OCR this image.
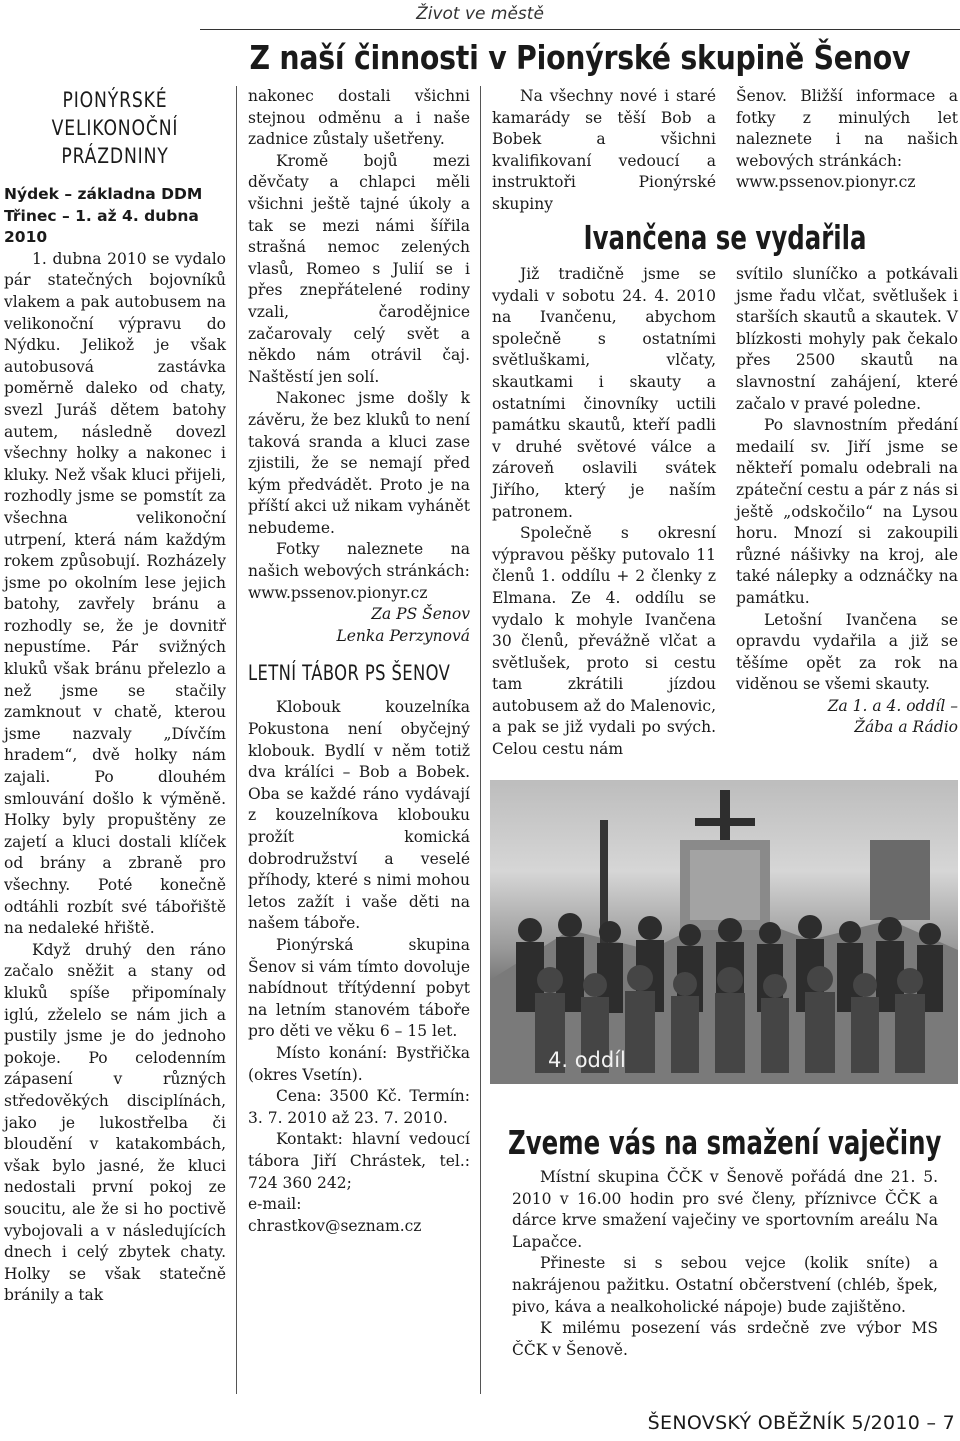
Život ve městě
Z naší činnosti v Pionýrské skupině Šenov
PIONÝRSKÉ
VELIKONOČNÍ
PRÁZDNINY
Nýdek – základna DDM
Třinec – 1. až 4. dubna
2010

1. dubna 2010 se vydalo pár statečných bojovníků vlakem a pak autobusem na velikonoční výpravu do Nýdku. Jelikož je však autobusová zastávka poměrně daleko od chaty, svezl Juráš dětem batohy autem, následně dovezl všechny holky a nakonec i kluky. Než však kluci přijeli, rozhodly jsme se pomstít za všechna velikonoční utrpení, která nám každým rokem způsobují. Rozházely jsme po okolním lese jejich batohy, zavřely bránu a rozhodly se, že je dovnitř nepustíme. Pár svižných kluků však bránu přelezlo a než jsme se stačily zamknout v chatě, kterou jsme nazvaly „Dívčím hradem“, dvě holky nám zajali. Po dlouhém smlouvání došlo k výměně. Holky byly propuštěny ze zajetí a kluci dostali klíček od brány a zbraně pro všechny. Poté konečně odtáhli rozbít své tábořiště na nedaleké hřiště.

Když druhý den ráno začalo sněžit a stany od kluků spíše připomínaly iglú, zželelo se nám jich a pustily jsme je do jednoho pokoje. Po celodenním zápasení v různých středověkých disciplínách, jako je lukostřelba či bloudění v katakombách, však bylo jasné, že kluci nedostali první pokoj ze soucitu, ale že si ho poctivě vybojovali a v následujících dnech i celý zbytek chaty. Holky se však statečně bránily a tak

nakonec dostali všichni stejnou odměnu a i naše zadnice zůstaly ušetřeny.

Kromě bojů mezi děvčaty a chlapci měli všichni ještě tajné úkoly a tak se mezi námi šířila strašná nemoc zelených vlasů, Romeo s Julií se i přes znepřátelené rodiny vzali, čarodějnice začarovaly celý svět a někdo nám otrávil čaj. Naštěstí jen solí.

Nakonec jsme došly k závěru, že bez kluků to není taková sranda a kluci zase zjistili, že se nemají před kým předvádět. Proto je na příští akci už nikam vyhánět nebudeme.

Fotky naleznete na našich webových stránkách:

www.pssenov.pionyr.cz

Za PS Šenov

Lenka Perzynová

LETNÍ TÁBOR PS ŠENOV

Klobouk kouzelníka Pokustona není obyčejný klobouk. Bydlí v něm totiž dva králíci – Bob a Bobek. Oba se každé ráno vydávají z kouzelníkova klobouku prožít komická dobrodružství a veselé příhody, které s nimi mohou letos zažít i vaše děti na našem táboře.

Pionýrská skupina Šenov si vám tímto dovoluje nabídnout třítýdenní pobyt na letním stanovém táboře pro děti ve věku 6 – 15 let.

Místo konání: Bystřička (okres Vsetín).

Cena: 3500 Kč. Termín: 3. 7. 2010 až 23. 7. 2010.

Kontakt: hlavní vedoucí tábora Jiří Chrástek, tel.: 724 360 242;

e-mail:

chrastkov@seznam.cz

Na všechny nové i staré kamarády se těší Bob a Bobek a všichni kvalifikovaní vedoucí a instruktoři Pionýrské skupiny

Šenov. Bližší informace a fotky z minulých let naleznete i na našich webových stránkách:

www.pssenov.pionyr.cz

Ivančena se vydařila

Již tradičně jsme se vydali v sobotu 24. 4. 2010 na Ivančenu, abychom společně s ostatními světluškami, vlčaty, skautkami i skauty a ostatními činovníky uctili památku skautů, kteří padli v druhé světové válce a zároveň oslavili svátek Jiřího, který je naším patronem.

Společně s okresní výpravou pěšky putovalo 11 členů 1. oddílu + 2 členky z Elmana. Ze 4. oddílu se vydalo k mohyle Ivančena 30 členů, převážně vlčat a světlušek, proto si cestu tam zkrátili jízdou autobusem až do Malenovic, a pak se již vydali po svých. Celou cestu nám

svítilo sluníčko a potkávali jsme řadu vlčat, světlušek i starších skautů a skautek. V blízkosti mohyly pak čekalo přes 2500 skautů na slavnostní zahájení, které začalo v pravé poledne.

Po slavnostním předání medailí sv. Jiří jsme se někteří pomalu odebrali na zpáteční cestu a pár z nás si ještě „odskočilo“ na Lysou horu. Mnozí si zakoupili různé nášivky na kroj, ale také nálepky a odznáčky na památku.

Letošní Ivančena se opravdu vydařila a již se těšíme opět za rok na viděnou se všemi skauty.

Za 1. a 4. oddíl –

Žába a Rádio

4. oddíl
Zveme vás na smažení vaječiny

Místní skupina ČČK v Šenově pořádá dne 21. 5. 2010 v 16.00 hodin pro své členy, příznivce ČČK a dárce krve smažení vaječiny ve sportovním areálu Na Lapačce.

Přineste si s sebou vejce (kolik sníte) a nakrájenou pažitku. Ostatní občerstvení (chléb, špek, pivo, káva a nealkoholické nápoje) bude zajištěno.

K milému posezení vás srdečně zve výbor MS ČČK v Šenově.

ŠENOVSKÝ OBĚŽNÍK 5/2010 – 7
